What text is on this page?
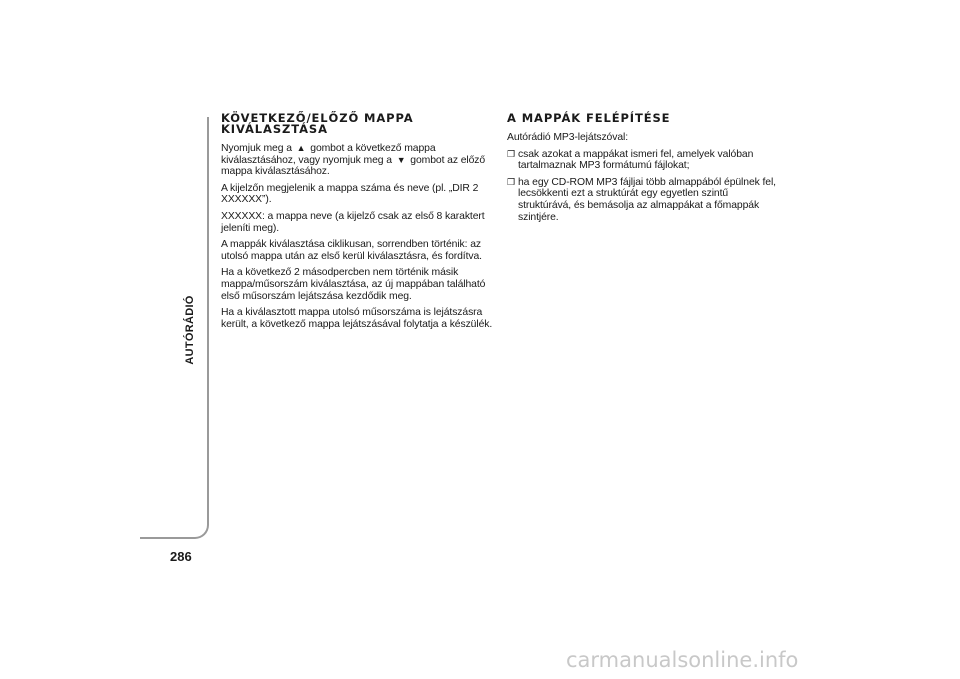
AUTÓRÁDIÓ
286
KÖVETKEZŐ/ELŐZŐ MAPPA KIVÁLASZTÁSA

Nyomjuk meg a ▲ gombot a következő mappa kiválasztásához, vagy nyomjuk meg a ▼ gombot az előző mappa kiválasztásához.

A kijelzőn megjelenik a mappa száma és neve (pl. „DIR 2 XXXXXX”).

XXXXXX: a mappa neve (a kijelző csak az első 8 karaktert jeleníti meg).

A mappák kiválasztása ciklikusan, sorrendben történik: az utolsó mappa után az első kerül kiválasztásra, és fordítva.

Ha a következő 2 másodpercben nem történik másik mappa/műsorszám kiválasztása, az új mappában található első műsorszám lejátszása kezdődik meg.

Ha a kiválasztott mappa utolsó műsorszáma is lejátszásra került, a következő mappa lejátszásával folytatja a készülék.

A MAPPÁK FELÉPÍTÉSE

Autórádió MP3-lejátszóval:

❒ csak azokat a mappákat ismeri fel, amelyek valóban tartalmaznak MP3 formátumú fájlokat;
❒ ha egy CD-ROM MP3 fájljai több almappából épülnek fel, lecsökkenti ezt a struktúrát egy egyetlen szintű struktúrává, és bemásolja az almappákat a főmappák szintjére.
carmanualsonline.info
